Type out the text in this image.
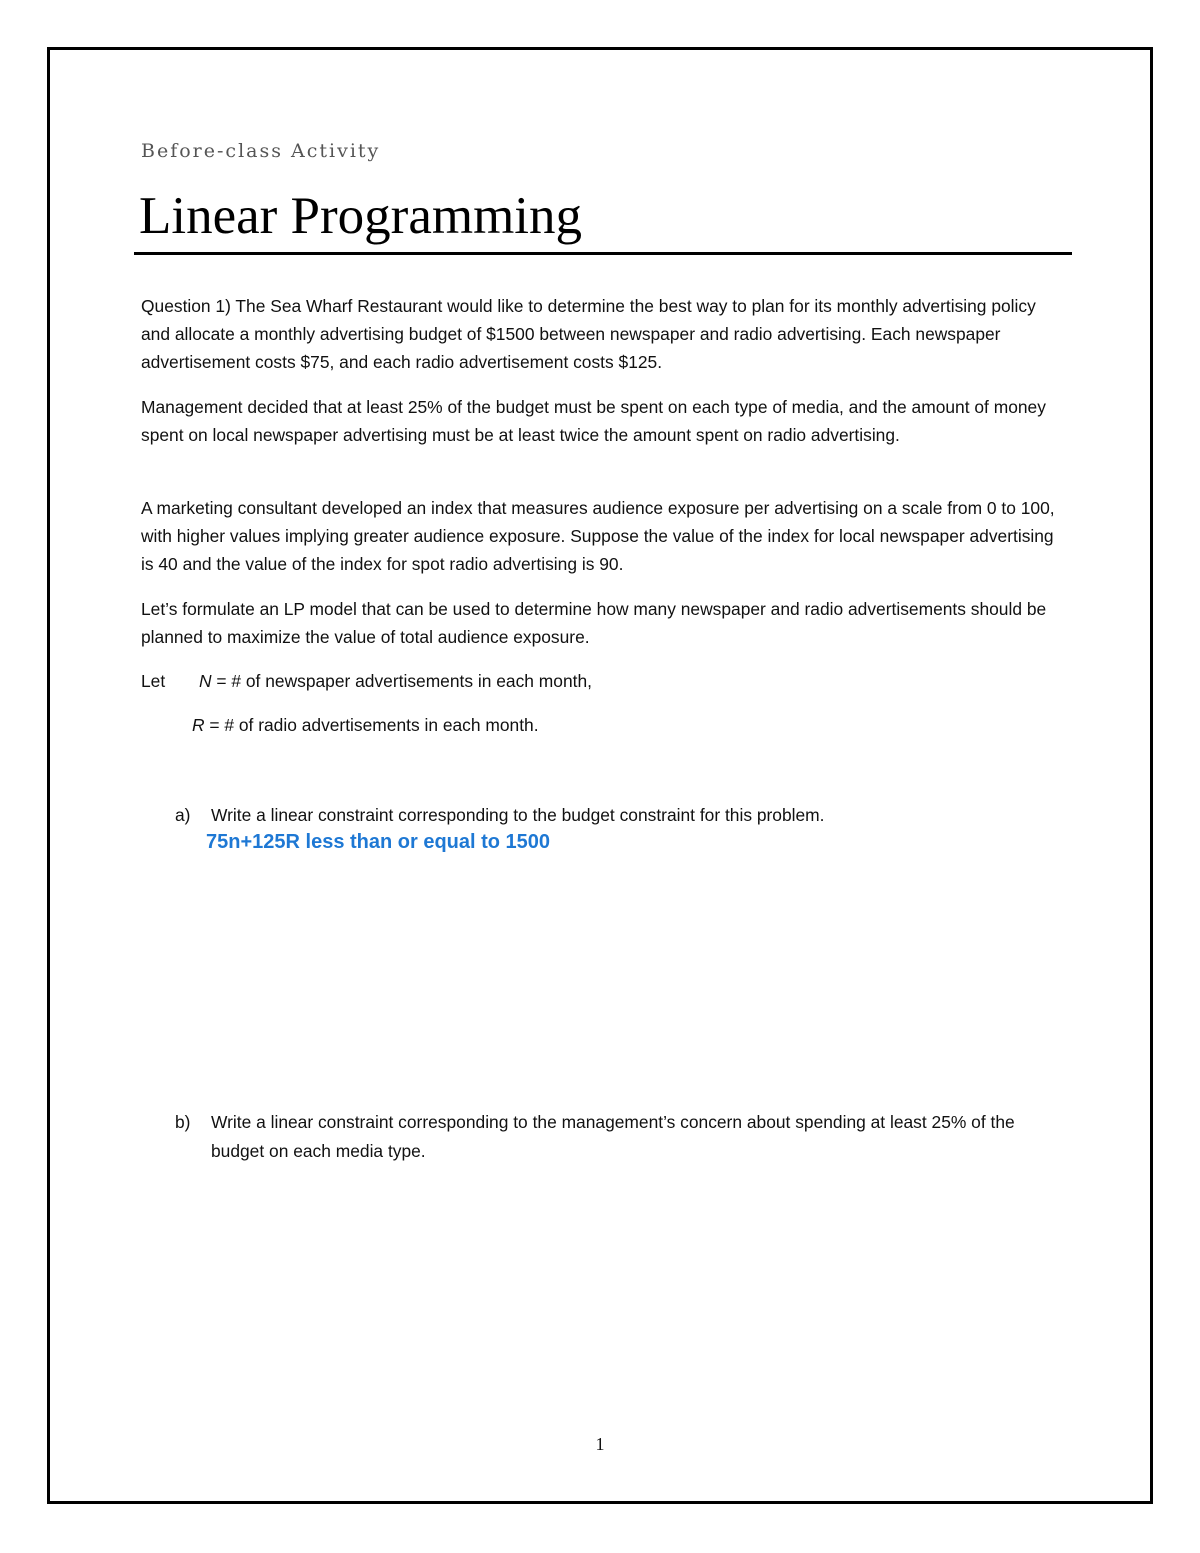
Before-class Activity
Linear Programming
Question 1) The Sea Wharf Restaurant would like to determine the best way to plan for its monthly advertising policy and allocate a monthly advertising budget of $1500 between newspaper and radio advertising. Each newspaper advertisement costs $75, and each radio advertisement costs $125.
Management decided that at least 25% of the budget must be spent on each type of media, and the amount of money spent on local newspaper advertising must be at least twice the amount spent on radio advertising.
A marketing consultant developed an index that measures audience exposure per advertising on a scale from 0 to 100, with higher values implying greater audience exposure. Suppose the value of the index for local newspaper advertising is 40 and the value of the index for spot radio advertising is 90.
Let’s formulate an LP model that can be used to determine how many newspaper and radio advertisements should be planned to maximize the value of total audience exposure.
Let N = # of newspaper advertisements in each month,
R = # of radio advertisements in each month.
a) Write a linear constraint corresponding to the budget constraint for this problem.
75n+125R less than or equal to 1500
b) Write a linear constraint corresponding to the management’s concern about spending at least 25% of the budget on each media type.
1
